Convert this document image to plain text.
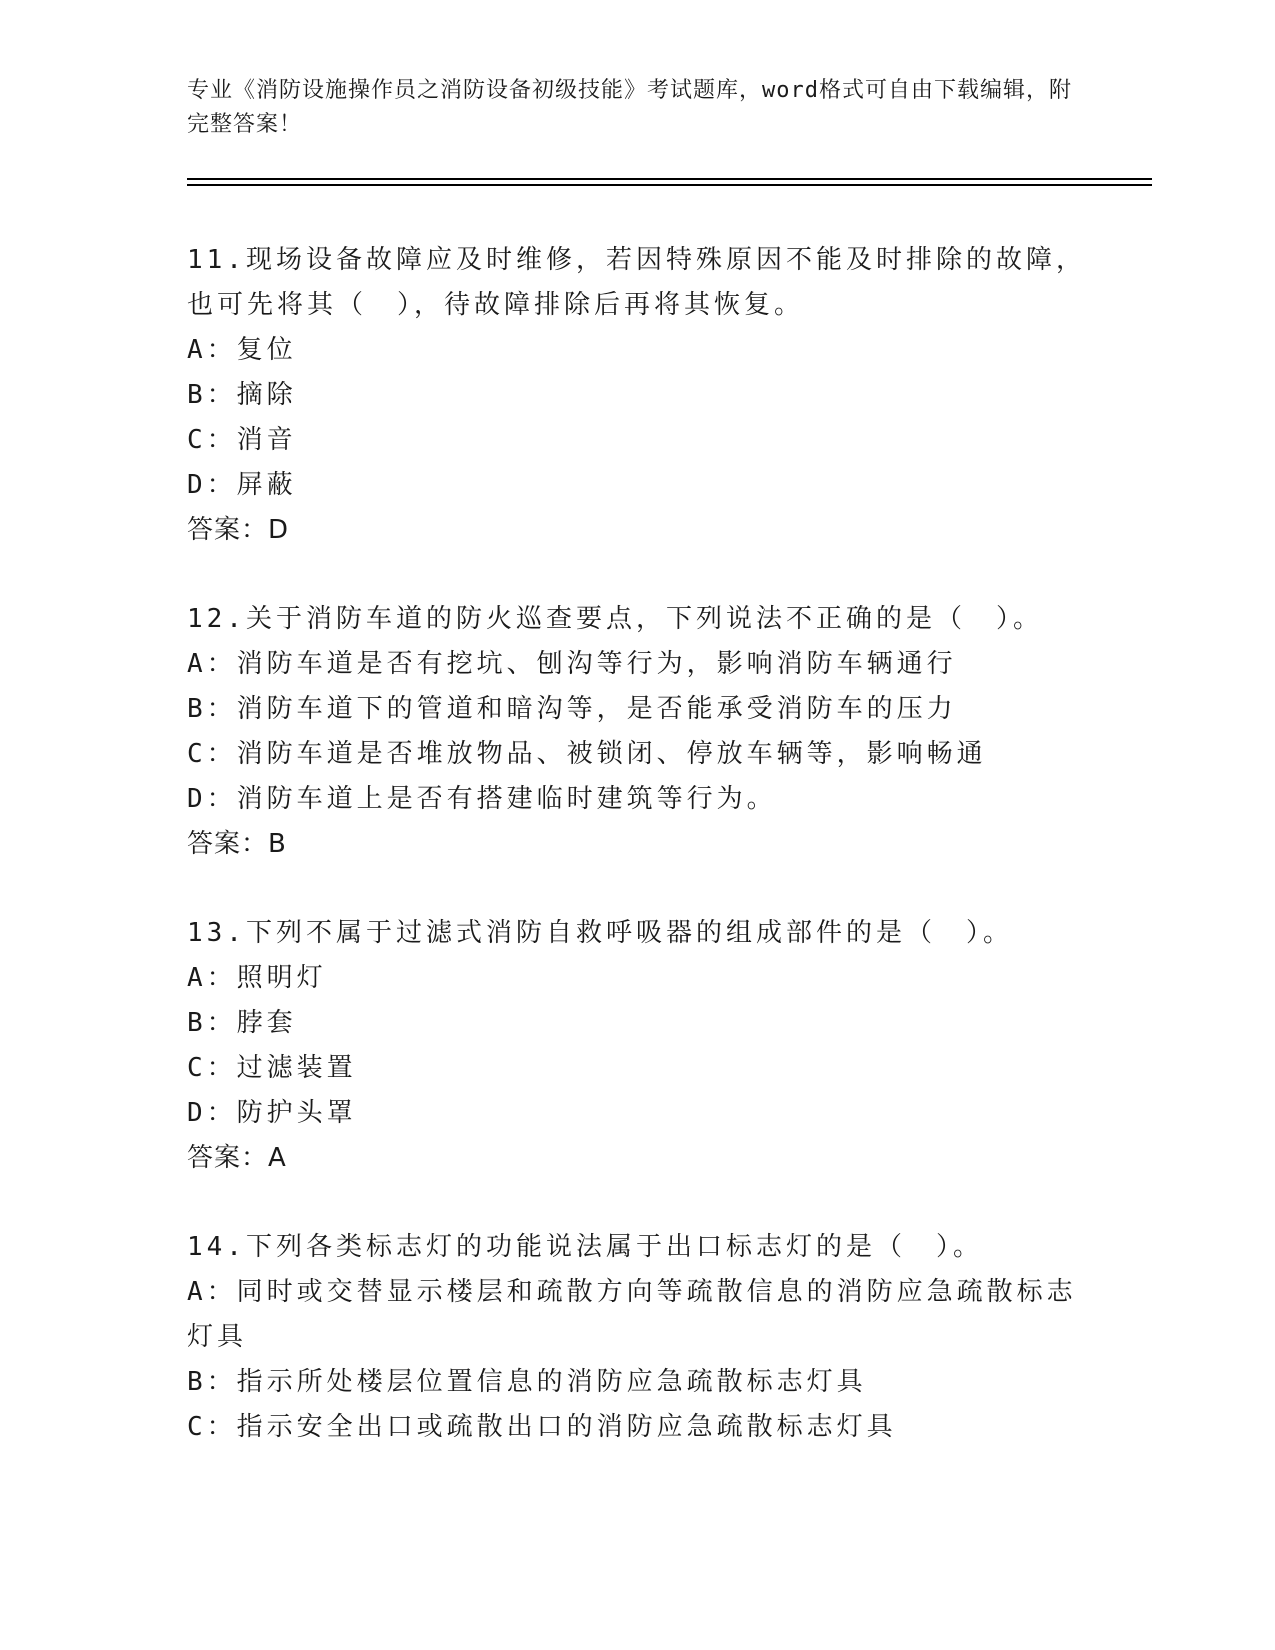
专业《消防设施操作员之消防设备初级技能》考试题库，word格式可自由下载编辑，附完整答案！
11.现场设备故障应及时维修，若因特殊原因不能及时排除的故障，也可先将其（　），待故障排除后再将其恢复。
A：复位
B：摘除
C：消音
D：屏蔽
答案：D
12.关于消防车道的防火巡查要点，下列说法不正确的是（　）。
A：消防车道是否有挖坑、刨沟等行为，影响消防车辆通行
B：消防车道下的管道和暗沟等，是否能承受消防车的压力
C：消防车道是否堆放物品、被锁闭、停放车辆等，影响畅通
D：消防车道上是否有搭建临时建筑等行为。
答案：B
13.下列不属于过滤式消防自救呼吸器的组成部件的是（　）。
A：照明灯
B：脖套
C：过滤装置
D：防护头罩
答案：A
14.下列各类标志灯的功能说法属于出口标志灯的是（　）。
A：同时或交替显示楼层和疏散方向等疏散信息的消防应急疏散标志灯具
B：指示所处楼层位置信息的消防应急疏散标志灯具
C：指示安全出口或疏散出口的消防应急疏散标志灯具
